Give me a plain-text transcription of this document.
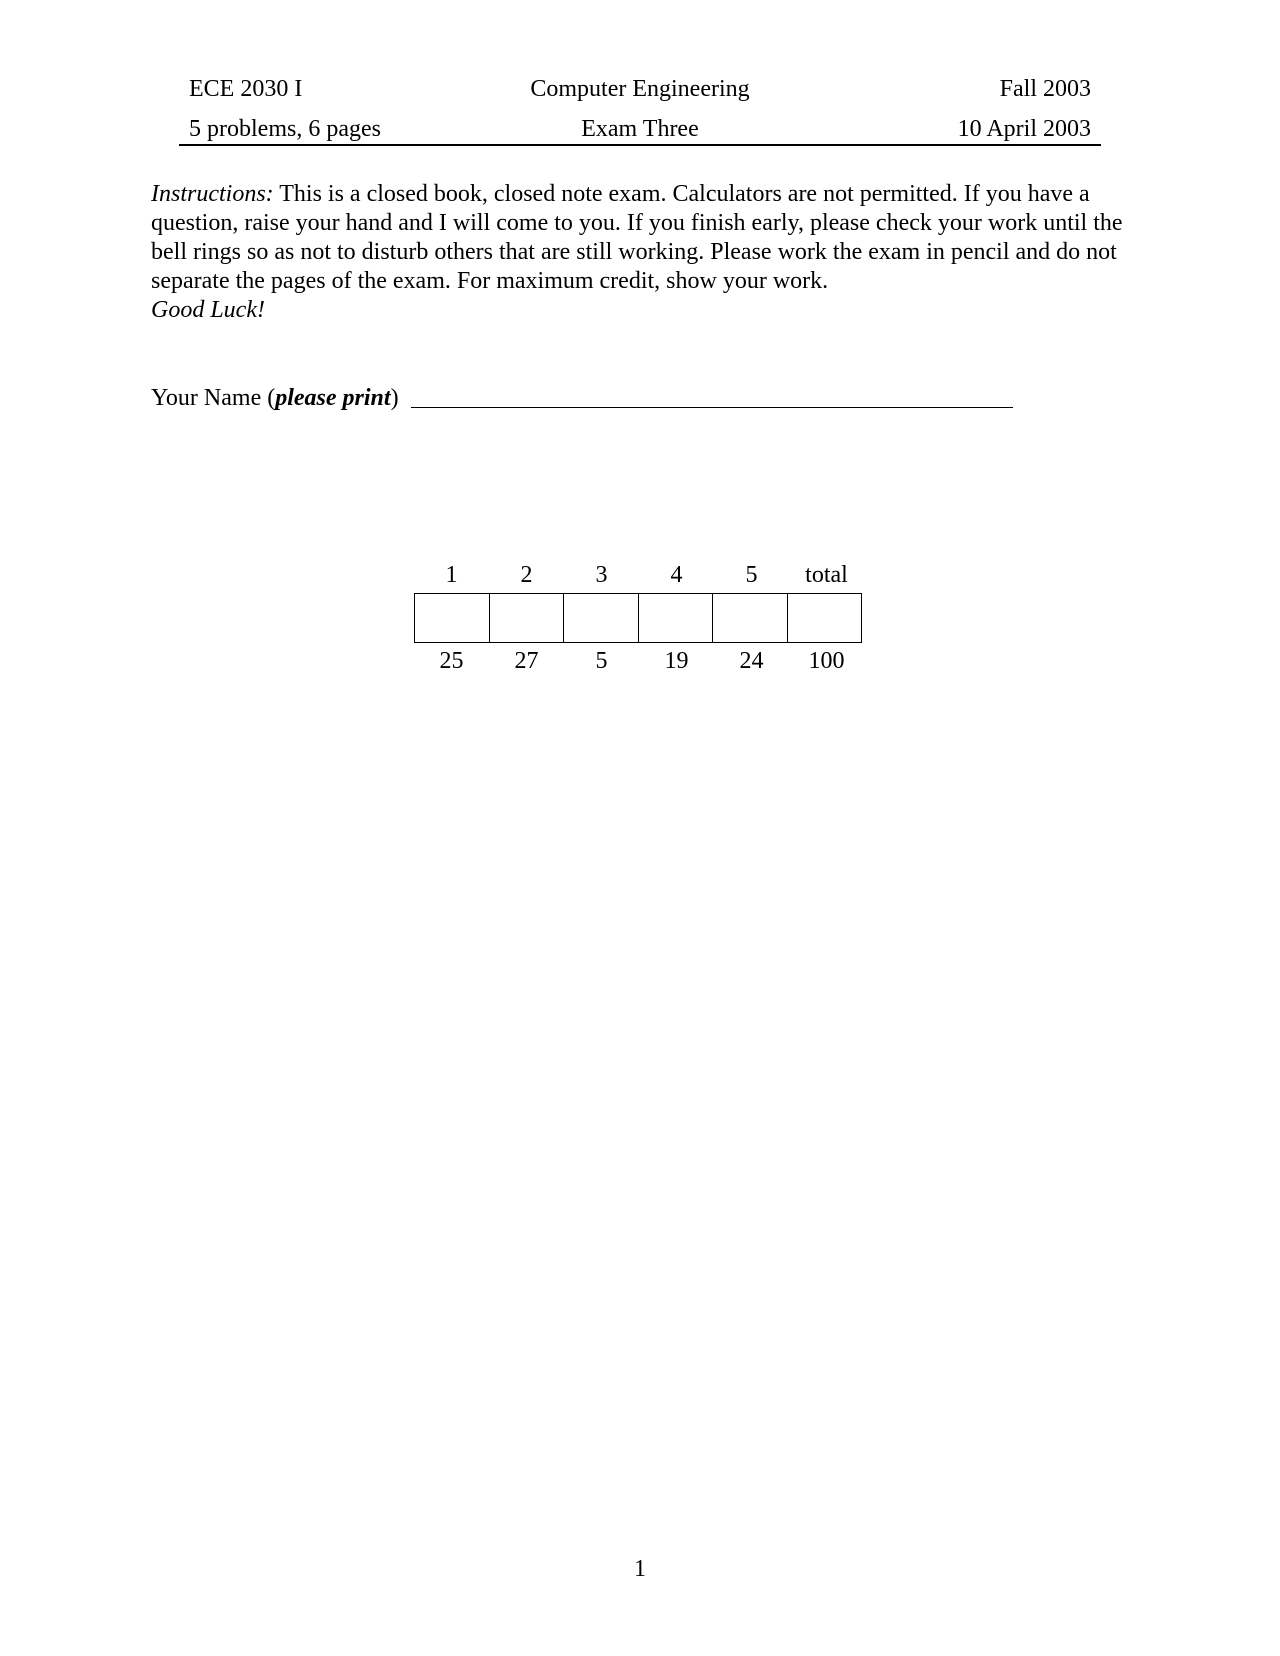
ECE 2030 I	Computer Engineering	Fall 2003
5 problems, 6 pages	Exam Three	10 April 2003
Instructions: This is a closed book, closed note exam. Calculators are not permitted. If you have a question, raise your hand and I will come to you. If you finish early, please check your work until the bell rings so as not to disturb others that are still working. Please work the exam in pencil and do not separate the pages of the exam. For maximum credit, show your work.
Good Luck!
Your Name (please print)
1	2	3	4	5	total
25	27	5	19	24	100
1
